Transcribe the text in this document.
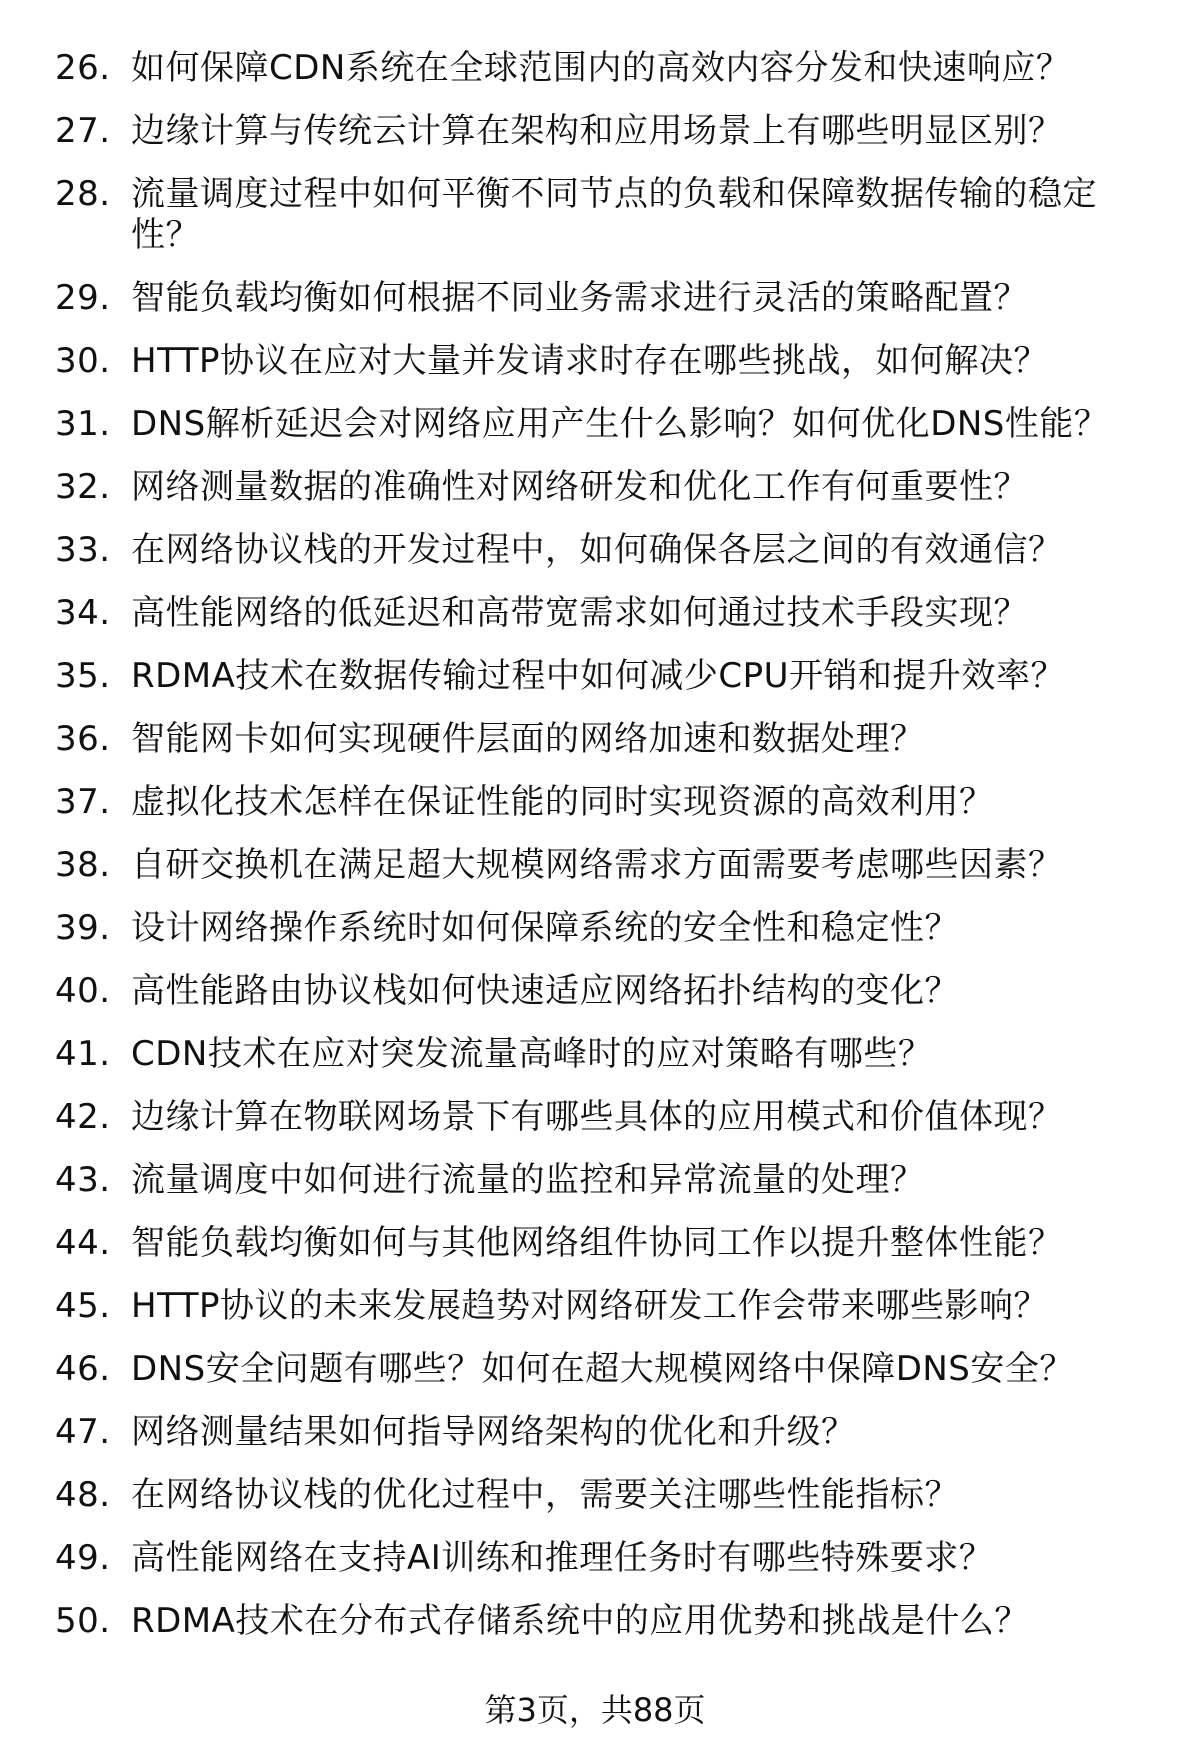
26. 如何保障CDN系统在全球范围内的高效内容分发和快速响应？
27. 边缘计算与传统云计算在架构和应用场景上有哪些明显区别？
28. 流量调度过程中如何平衡不同节点的负载和保障数据传输的稳定性？
29. 智能负载均衡如何根据不同业务需求进行灵活的策略配置？
30. HTTP协议在应对大量并发请求时存在哪些挑战，如何解决？
31. DNS解析延迟会对网络应用产生什么影响？如何优化DNS性能？
32. 网络测量数据的准确性对网络研发和优化工作有何重要性？
33. 在网络协议栈的开发过程中，如何确保各层之间的有效通信？
34. 高性能网络的低延迟和高带宽需求如何通过技术手段实现？
35. RDMA技术在数据传输过程中如何减少CPU开销和提升效率？
36. 智能网卡如何实现硬件层面的网络加速和数据处理？
37. 虚拟化技术怎样在保证性能的同时实现资源的高效利用？
38. 自研交换机在满足超大规模网络需求方面需要考虑哪些因素？
39. 设计网络操作系统时如何保障系统的安全性和稳定性？
40. 高性能路由协议栈如何快速适应网络拓扑结构的变化？
41. CDN技术在应对突发流量高峰时的应对策略有哪些？
42. 边缘计算在物联网场景下有哪些具体的应用模式和价值体现？
43. 流量调度中如何进行流量的监控和异常流量的处理？
44. 智能负载均衡如何与其他网络组件协同工作以提升整体性能？
45. HTTP协议的未来发展趋势对网络研发工作会带来哪些影响？
46. DNS安全问题有哪些？如何在超大规模网络中保障DNS安全？
47. 网络测量结果如何指导网络架构的优化和升级？
48. 在网络协议栈的优化过程中，需要关注哪些性能指标？
49. 高性能网络在支持AI训练和推理任务时有哪些特殊要求？
50. RDMA技术在分布式存储系统中的应用优势和挑战是什么？
第3页，共88页
